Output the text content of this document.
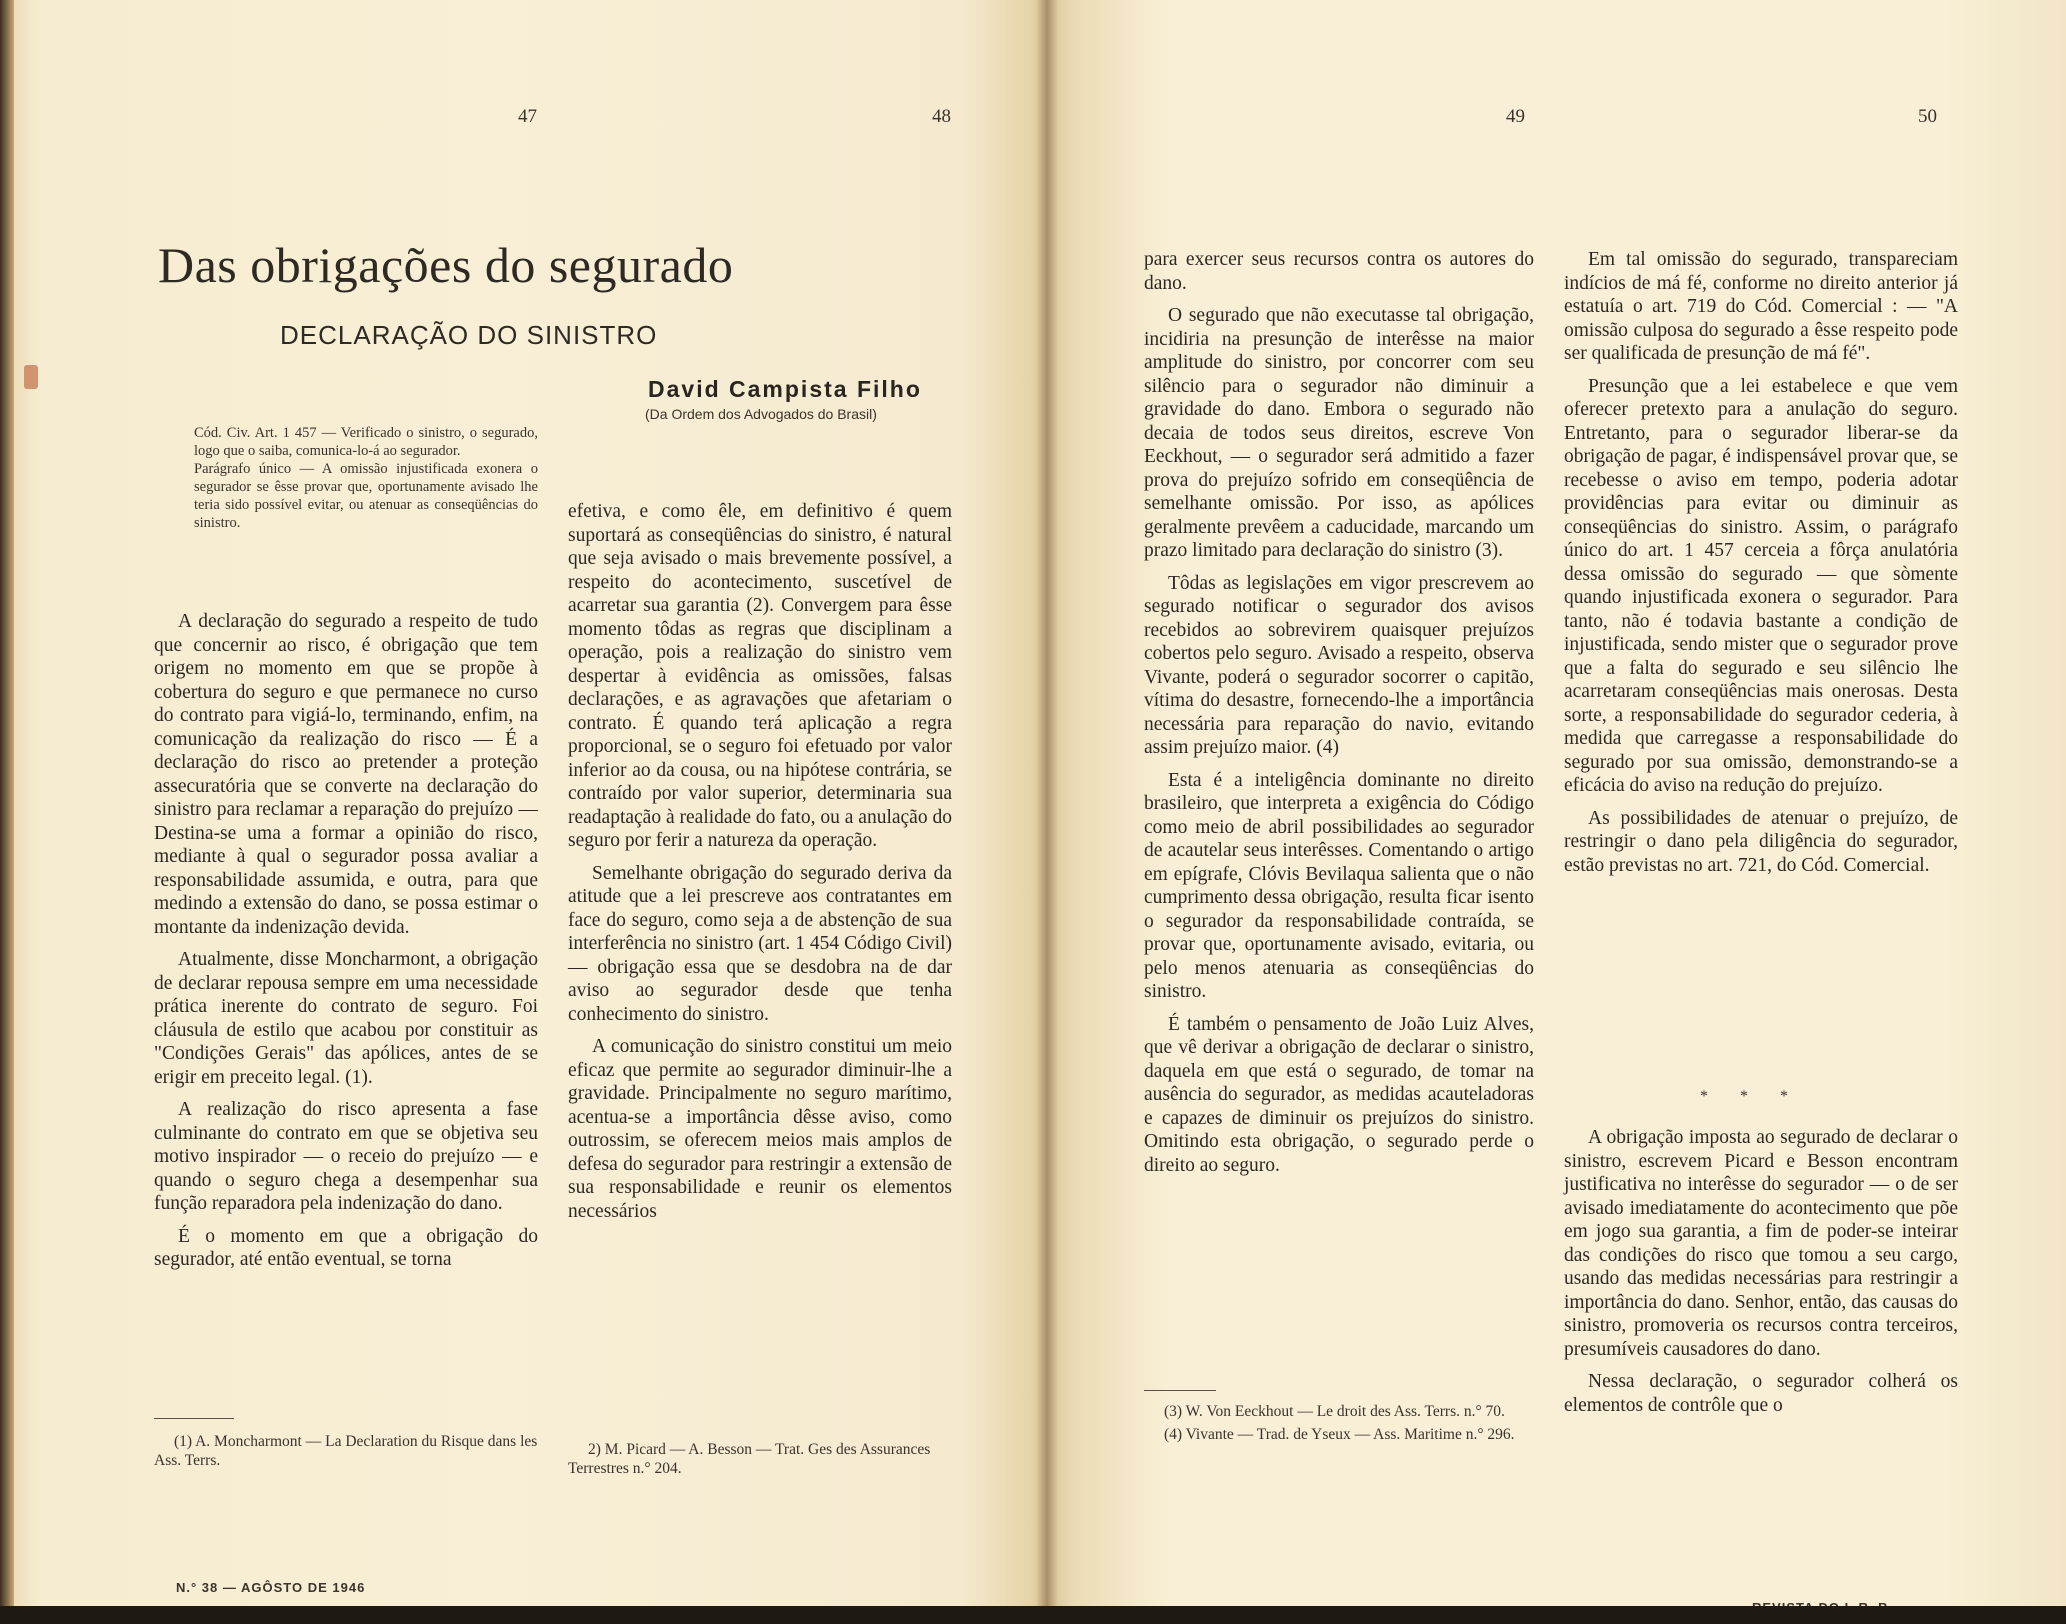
47	48	49	50
Das obrigações do segurado
DECLARAÇÃO DO SINISTRO
David Campista Filho
(Da Ordem dos Advogados do Brasil)

Cód. Civ. Art. 1 457 — Verificado o sinistro, o segurado, logo que o saiba, comunica-lo-á ao segurador.

Parágrafo único — A omissão injustificada exonera o segurador se êsse provar que, oportunamente avisado lhe teria sido possível evitar, ou atenuar as conseqüências do sinistro.

A declaração do segurado a respeito de tudo que concernir ao risco, é obrigação que tem origem no momento em que se propõe à cobertura do seguro e que permanece no curso do contrato para vigiá-lo, terminando, enfim, na comunicação da realização do risco — É a declaração do risco ao pretender a proteção assecuratória que se converte na declaração do sinistro para reclamar a reparação do prejuízo — Destina-se uma a formar a opinião do risco, mediante à qual o segurador possa avaliar a responsabilidade assumida, e outra, para que medindo a extensão do dano, se possa estimar o montante da indenização devida.

Atualmente, disse Moncharmont, a obrigação de declarar repousa sempre em uma necessidade prática inerente do contrato de seguro. Foi cláusula de estilo que acabou por constituir as "Condições Gerais" das apólices, antes de se erigir em preceito legal. (1).

A realização do risco apresenta a fase culminante do contrato em que se objetiva seu motivo inspirador — o receio do prejuízo — e quando o seguro chega a desempenhar sua função reparadora pela indenização do dano.

É o momento em que a obrigação do segurador, até então eventual, se torna

efetiva, e como êle, em definitivo é quem suportará as conseqüências do sinistro, é natural que seja avisado o mais brevemente possível, a respeito do acontecimento, suscetível de acarretar sua garantia (2). Convergem para êsse momento tôdas as regras que disciplinam a operação, pois a realização do sinistro vem despertar à evidência as omissões, falsas declarações, e as agravações que afetariam o contrato. É quando terá aplicação a regra proporcional, se o seguro foi efetuado por valor inferior ao da cousa, ou na hipótese contrária, se contraído por valor superior, determinaria sua readaptação à realidade do fato, ou a anulação do seguro por ferir a natureza da operação.

Semelhante obrigação do segurado deriva da atitude que a lei prescreve aos contratantes em face do seguro, como seja a de abstenção de sua interferência no sinistro (art. 1 454 Código Civil) — obrigação essa que se desdobra na de dar aviso ao segurador desde que tenha conhecimento do sinistro.

A comunicação do sinistro constitui um meio eficaz que permite ao segurador diminuir-lhe a gravidade. Principalmente no seguro marítimo, acentua-se a importância dêsse aviso, como outrossim, se oferecem meios mais amplos de defesa do segurador para restringir a extensão de sua responsabilidade e reunir os elementos necessários

(1) A. Moncharmont — La Declaration du Risque dans les Ass. Terrs.

2) M. Picard — A. Besson — Trat. Ges des Assurances Terrestres n.° 204.

para exercer seus recursos contra os autores do dano.

O segurado que não executasse tal obrigação, incidiria na presunção de interêsse na maior amplitude do sinistro, por concorrer com seu silêncio para o segurador não diminuir a gravidade do dano. Embora o segurado não decaia de todos seus direitos, escreve Von Eeckhout, — o segurador será admitido a fazer prova do prejuízo sofrido em conseqüência de semelhante omissão. Por isso, as apólices geralmente prevêem a caducidade, marcando um prazo limitado para declaração do sinistro (3).

Tôdas as legislações em vigor prescrevem ao segurado notificar o segurador dos avisos recebidos ao sobrevirem quaisquer prejuízos cobertos pelo seguro. Avisado a respeito, observa Vivante, poderá o segurador socorrer o capitão, vítima do desastre, fornecendo-lhe a importância necessária para reparação do navio, evitando assim prejuízo maior. (4)

Esta é a inteligência dominante no direito brasileiro, que interpreta a exigência do Código como meio de abril possibilidades ao segurador de acautelar seus interêsses. Comentando o artigo em epígrafe, Clóvis Bevilaqua salienta que o não cumprimento dessa obrigação, resulta ficar isento o segurador da responsabilidade contraída, se provar que, oportunamente avisado, evitaria, ou pelo menos atenuaria as conseqüências do sinistro.

É também o pensamento de João Luiz Alves, que vê derivar a obrigação de declarar o sinistro, daquela em que está o segurado, de tomar na ausência do segurador, as medidas acauteladoras e capazes de diminuir os prejuízos do sinistro. Omitindo esta obrigação, o segurado perde o direito ao seguro.

(3) W. Von Eeckhout — Le droit des Ass. Terrs. n.° 70.

(4) Vivante — Trad. de Yseux — Ass. Maritime n.° 296.

Em tal omissão do segurado, transpareciam indícios de má fé, conforme no direito anterior já estatuía o art. 719 do Cód. Comercial : — "A omissão culposa do segurado a êsse respeito pode ser qualificada de presunção de má fé".

Presunção que a lei estabelece e que vem oferecer pretexto para a anulação do seguro. Entretanto, para o segurador liberar-se da obrigação de pagar, é indispensável provar que, se recebesse o aviso em tempo, poderia adotar providências para evitar ou diminuir as conseqüências do sinistro. Assim, o parágrafo único do art. 1 457 cerceia a fôrça anulatória dessa omissão do segurado — que sòmente quando injustificada exonera o segurador. Para tanto, não é todavia bastante a condição de injustificada, sendo mister que o segurador prove que a falta do segurado e seu silêncio lhe acarretaram conseqüências mais onerosas. Desta sorte, a responsabilidade do segurador cederia, à medida que carregasse a responsabilidade do segurado por sua omissão, demonstrando-se a eficácia do aviso na redução do prejuízo.

As possibilidades de atenuar o prejuízo, de restringir o dano pela diligência do segurador, estão previstas no art. 721, do Cód. Comercial.

* * *

A obrigação imposta ao segurado de declarar o sinistro, escrevem Picard e Besson encontram justificativa no interêsse do segurador — o de ser avisado imediatamente do acontecimento que põe em jogo sua garantia, a fim de poder-se inteirar das condições do risco que tomou a seu cargo, usando das medidas necessárias para restringir a importância do dano. Senhor, então, das causas do sinistro, promoveria os recursos contra terceiros, presumíveis causadores do dano.

Nessa declaração, o segurador colherá os elementos de contrôle que o

N.° 38 — AGÔSTO DE 1946
